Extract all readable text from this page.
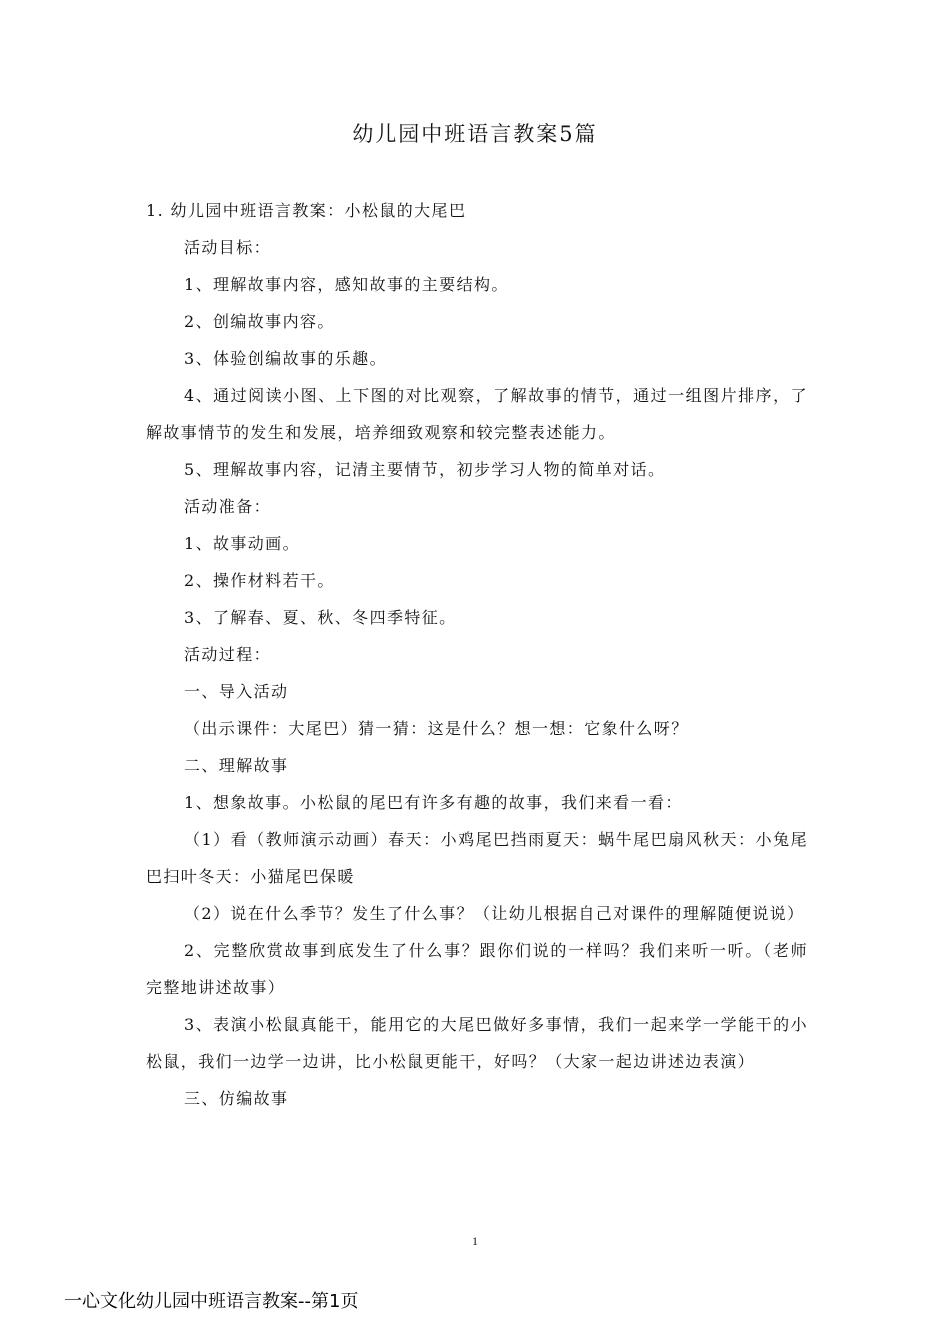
幼儿园中班语言教案5篇

1. 幼儿园中班语言教案：小松鼠的大尾巴

活动目标：

1、理解故事内容，感知故事的主要结构。

2、创编故事内容。

3、体验创编故事的乐趣。

4、通过阅读小图、上下图的对比观察，了解故事的情节，通过一组图片排序，了解故事情节的发生和发展，培养细致观察和较完整表述能力。

5、理解故事内容，记清主要情节，初步学习人物的简单对话。

活动准备：

1、故事动画。

2、操作材料若干。

3、了解春、夏、秋、冬四季特征。

活动过程：

一、导入活动

（出示课件：大尾巴）猜一猜：这是什么？想一想：它象什么呀？

二、理解故事

1、想象故事。小松鼠的尾巴有许多有趣的故事，我们来看一看：

（1）看（教师演示动画）春天：小鸡尾巴挡雨夏天：蜗牛尾巴扇风秋天：小兔尾巴扫叶冬天：小猫尾巴保暖

（2）说在什么季节？发生了什么事？（让幼儿根据自己对课件的理解随便说说）

2、完整欣赏故事到底发生了什么事？跟你们说的一样吗？我们来听一听。（老师完整地讲述故事）

3、表演小松鼠真能干，能用它的大尾巴做好多事情，我们一起来学一学能干的小松鼠，我们一边学一边讲，比小松鼠更能干，好吗？（大家一起边讲述边表演）

三、仿编故事

1
一心文化幼儿园中班语言教案--第1页
